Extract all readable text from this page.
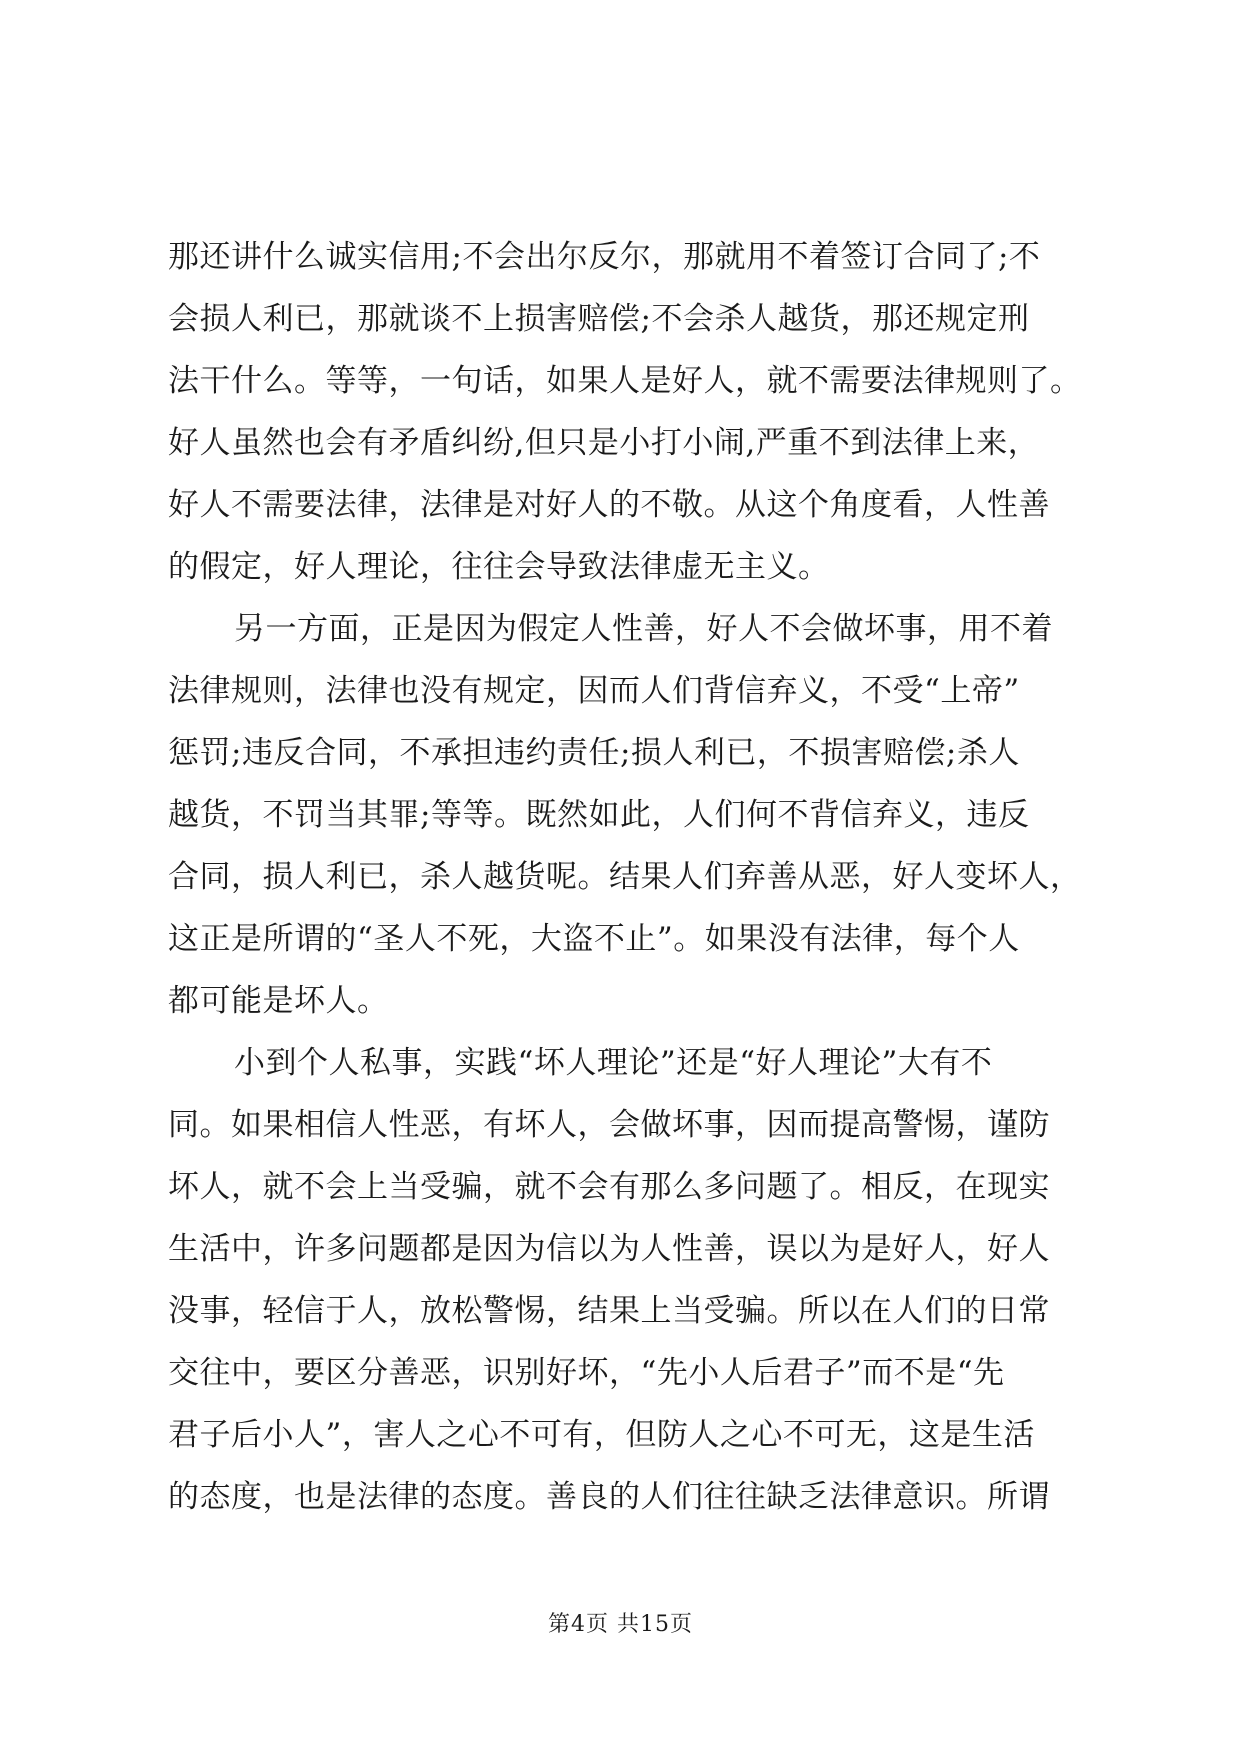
那还讲什么诚实信用;不会出尔反尔，那就用不着签订合同了;不
会损人利已，那就谈不上损害赔偿;不会杀人越货，那还规定刑
法干什么。等等，一句话，如果人是好人，就不需要法律规则了。
好人虽然也会有矛盾纠纷,但只是小打小闹,严重不到法律上来，
好人不需要法律，法律是对好人的不敬。从这个角度看，人性善
的假定，好人理论，往往会导致法律虚无主义。
另一方面，正是因为假定人性善，好人不会做坏事，用不着
法律规则，法律也没有规定，因而人们背信弃义，不受“上帝”
惩罚;违反合同，不承担违约责任;损人利已，不损害赔偿;杀人
越货，不罚当其罪;等等。既然如此，人们何不背信弃义，违反
合同，损人利已，杀人越货呢。结果人们弃善从恶，好人变坏人，
这正是所谓的“圣人不死，大盗不止”。如果没有法律，每个人
都可能是坏人。
小到个人私事，实践“坏人理论”还是“好人理论”大有不
同。如果相信人性恶，有坏人，会做坏事，因而提高警惕，谨防
坏人，就不会上当受骗，就不会有那么多问题了。相反，在现实
生活中，许多问题都是因为信以为人性善，误以为是好人，好人
没事，轻信于人，放松警惕，结果上当受骗。所以在人们的日常
交往中，要区分善恶，识别好坏，“先小人后君子”而不是“先
君子后小人”，害人之心不可有，但防人之心不可无，这是生活
的态度，也是法律的态度。善良的人们往往缺乏法律意识。所谓
第4页 共15页
